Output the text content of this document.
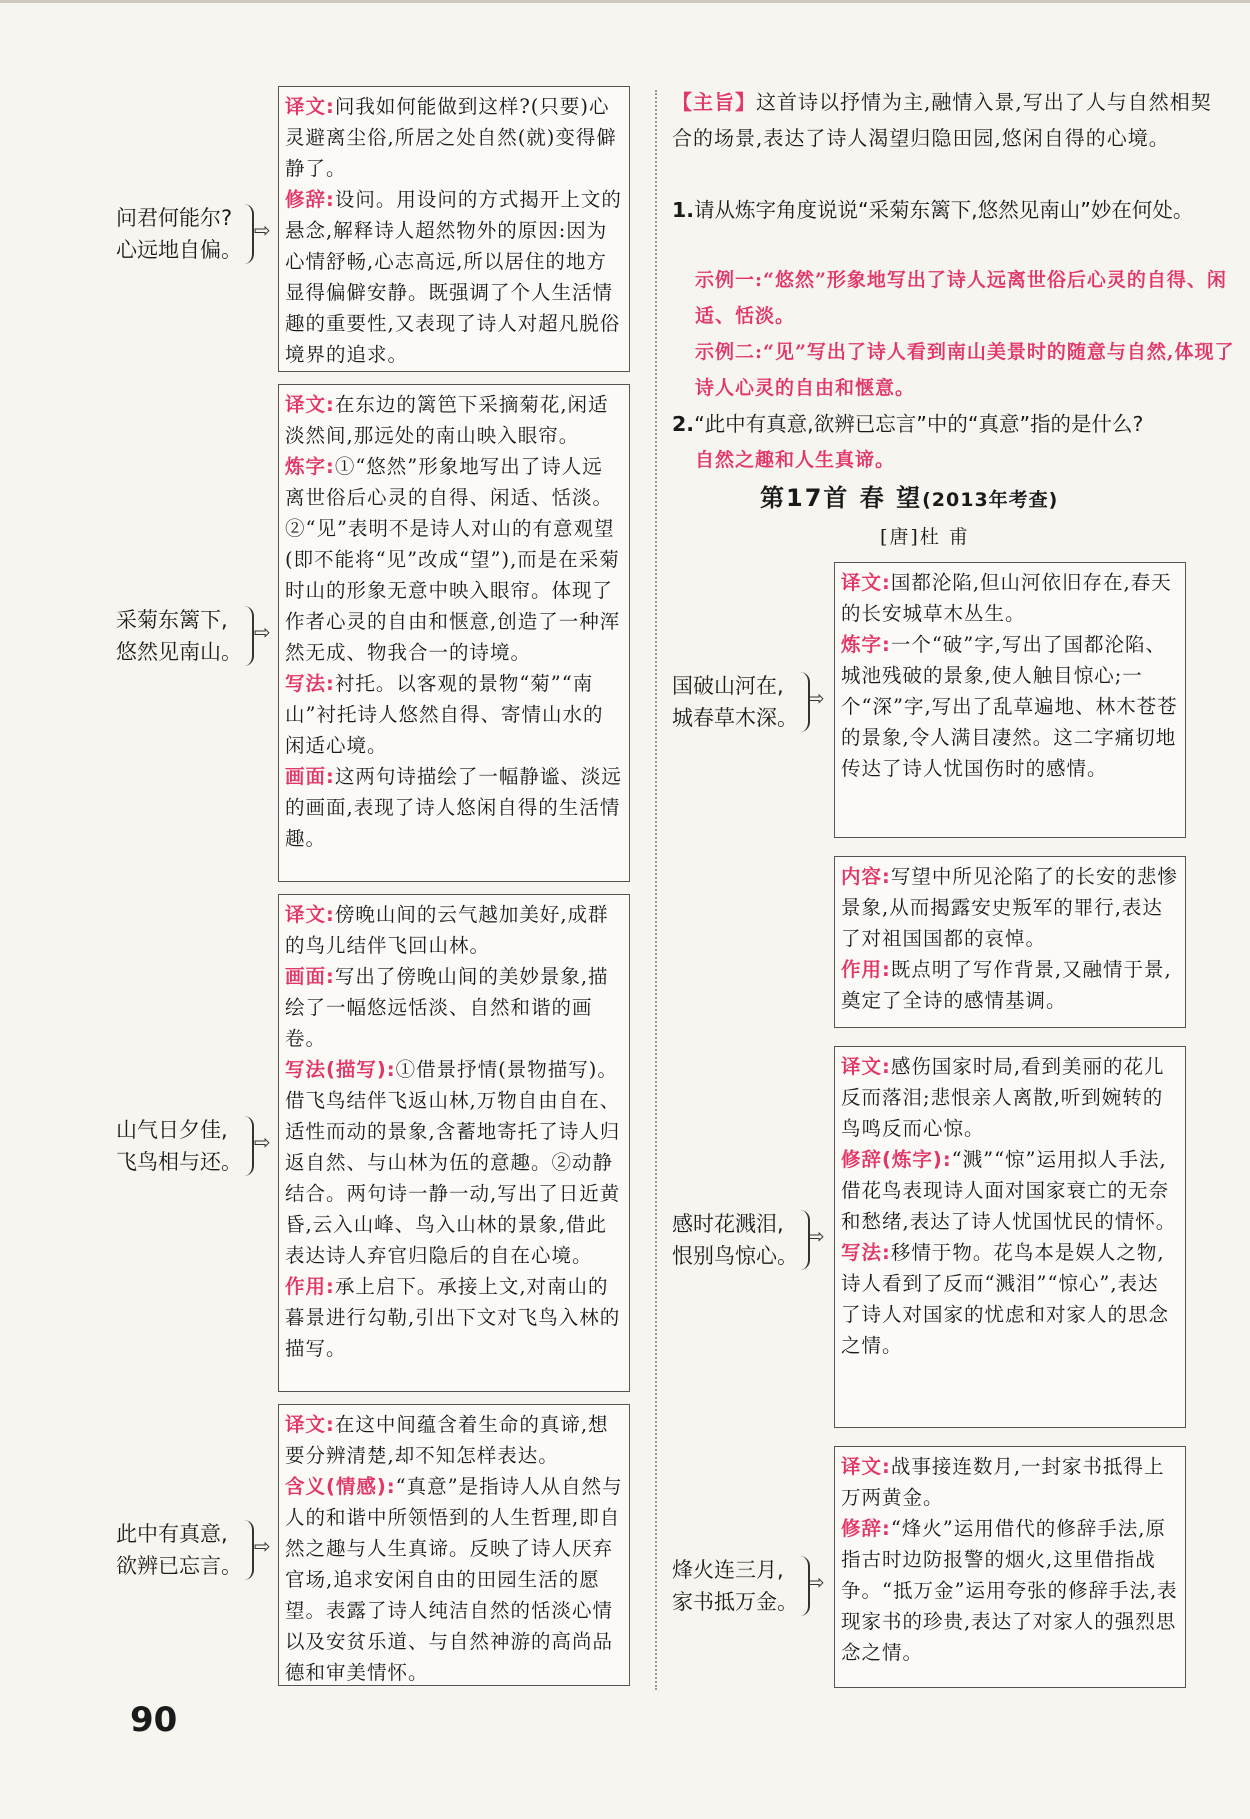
问君何能尔?
心远地自偏。
⇨

译文:问我如何能做到这样?(只要)心灵避离尘俗,所居之处自然(就)变得僻静了。

修辞:设问。用设问的方式揭开上文的悬念,解释诗人超然物外的原因:因为心情舒畅,心志高远,所以居住的地方显得偏僻安静。既强调了个人生活情趣的重要性,又表现了诗人对超凡脱俗境界的追求。

采菊东篱下,
悠然见南山。
⇨

译文:在东边的篱笆下采摘菊花,闲适淡然间,那远处的南山映入眼帘。

炼字:①“悠然”形象地写出了诗人远离世俗后心灵的自得、闲适、恬淡。②“见”表明不是诗人对山的有意观望(即不能将“见”改成“望”),而是在采菊时山的形象无意中映入眼帘。体现了作者心灵的自由和惬意,创造了一种浑然无成、物我合一的诗境。

写法:衬托。以客观的景物“菊”“南山”衬托诗人悠然自得、寄情山水的闲适心境。

画面:这两句诗描绘了一幅静谧、淡远的画面,表现了诗人悠闲自得的生活情趣。

山气日夕佳,
飞鸟相与还。
⇨

译文:傍晚山间的云气越加美好,成群的鸟儿结伴飞回山林。

画面:写出了傍晚山间的美妙景象,描绘了一幅悠远恬淡、自然和谐的画卷。

写法(描写):①借景抒情(景物描写)。借飞鸟结伴飞返山林,万物自由自在、适性而动的景象,含蓄地寄托了诗人归返自然、与山林为伍的意趣。②动静结合。两句诗一静一动,写出了日近黄昏,云入山峰、鸟入山林的景象,借此表达诗人弃官归隐后的自在心境。

作用:承上启下。承接上文,对南山的暮景进行勾勒,引出下文对飞鸟入林的描写。

此中有真意,
欲辨已忘言。
⇨

译文:在这中间蕴含着生命的真谛,想要分辨清楚,却不知怎样表达。

含义(情感):“真意”是指诗人从自然与人的和谐中所领悟到的人生哲理,即自然之趣与人生真谛。反映了诗人厌弃官场,追求安闲自由的田园生活的愿望。表露了诗人纯洁自然的恬淡心情以及安贫乐道、与自然神游的高尚品德和审美情怀。

【主旨】这首诗以抒情为主,融情入景,写出了人与自然相契合的场景,表达了诗人渴望归隐田园,悠闲自得的心境。
1.请从炼字角度说说“采菊东篱下,悠然见南山”妙在何处。
示例一:“悠然”形象地写出了诗人远离世俗后心灵的自得、闲适、恬淡。
示例二:“见”写出了诗人看到南山美景时的随意与自然,体现了诗人心灵的自由和惬意。
2.“此中有真意,欲辨已忘言”中的“真意”指的是什么?
自然之趣和人生真谛。
第17首 春 望(2013年考查)
[唐]杜 甫
国破山河在,
城春草木深。
⇨

译文:国都沦陷,但山河依旧存在,春天的长安城草木丛生。

炼字:一个“破”字,写出了国都沦陷、城池残破的景象,使人触目惊心;一个“深”字,写出了乱草遍地、林木苍苍的景象,令人满目凄然。这二字痛切地传达了诗人忧国伤时的感情。

内容:写望中所见沦陷了的长安的悲惨景象,从而揭露安史叛军的罪行,表达了对祖国国都的哀悼。

作用:既点明了写作背景,又融情于景,奠定了全诗的感情基调。

感时花溅泪,
恨别鸟惊心。
⇨

译文:感伤国家时局,看到美丽的花儿反而落泪;悲恨亲人离散,听到婉转的鸟鸣反而心惊。

修辞(炼字):“溅”“惊”运用拟人手法,借花鸟表现诗人面对国家衰亡的无奈和愁绪,表达了诗人忧国忧民的情怀。

写法:移情于物。花鸟本是娱人之物,诗人看到了反而“溅泪”“惊心”,表达了诗人对国家的忧虑和对家人的思念之情。

烽火连三月,
家书抵万金。
⇨

译文:战事接连数月,一封家书抵得上万两黄金。

修辞:“烽火”运用借代的修辞手法,原指古时边防报警的烟火,这里借指战争。“抵万金”运用夸张的修辞手法,表现家书的珍贵,表达了对家人的强烈思念之情。

90
